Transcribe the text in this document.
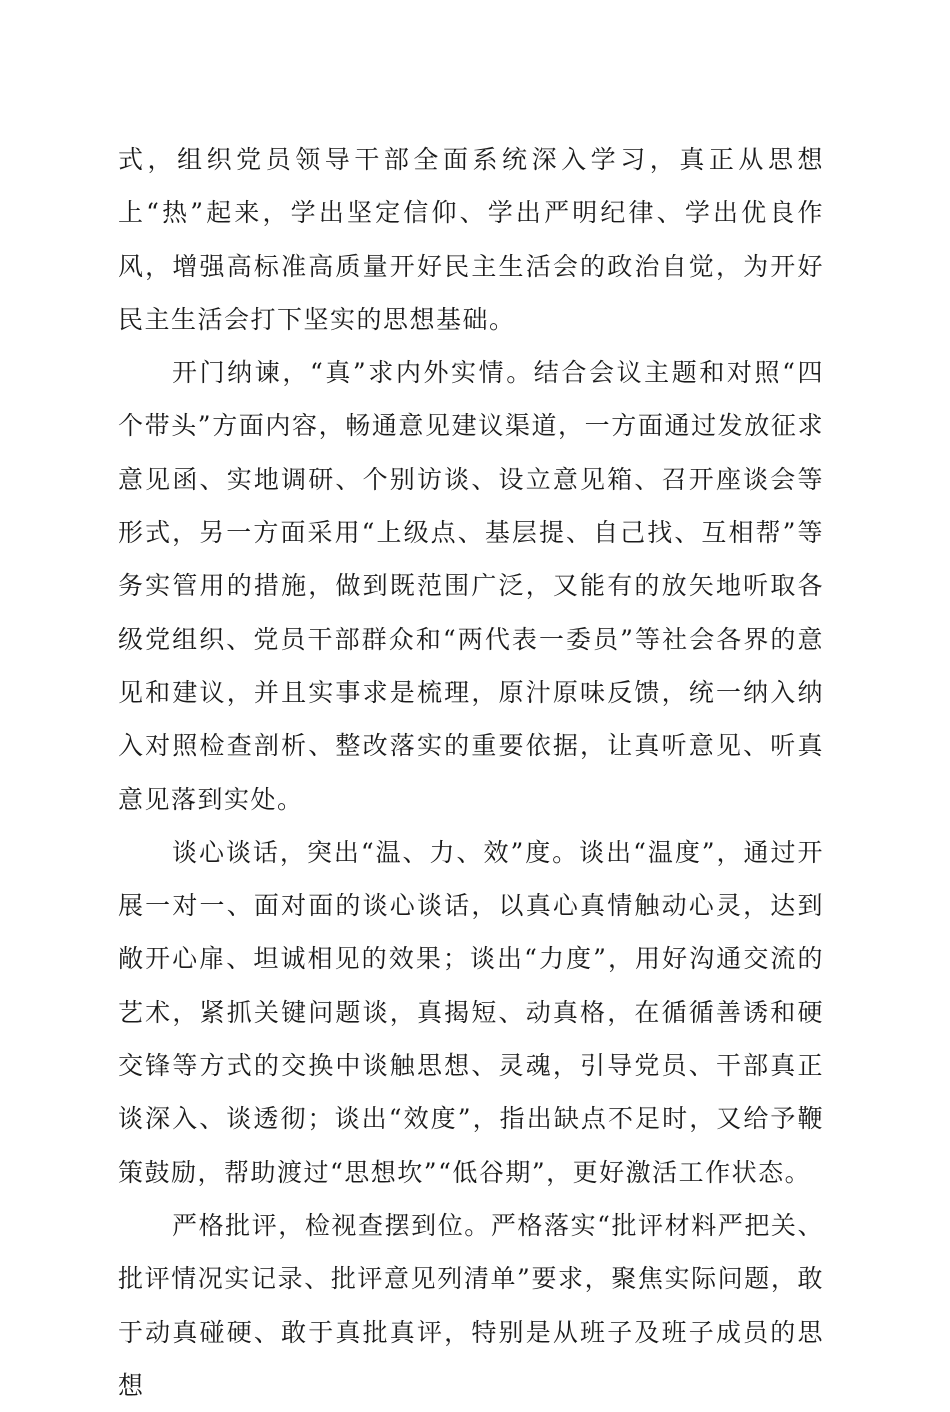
式，组织党员领导干部全面系统深入学习，真正从思想上“热”起来，学出坚定信仰、学出严明纪律、学出优良作风，增强高标准高质量开好民主生活会的政治自觉，为开好民主生活会打下坚实的思想基础。

开门纳谏，“真”求内外实情。结合会议主题和对照“四个带头”方面内容，畅通意见建议渠道，一方面通过发放征求意见函、实地调研、个别访谈、设立意见箱、召开座谈会等形式，另一方面采用“上级点、基层提、自己找、互相帮”等务实管用的措施，做到既范围广泛，又能有的放矢地听取各级党组织、党员干部群众和“两代表一委员”等社会各界的意见和建议，并且实事求是梳理，原汁原味反馈，统一纳入纳入对照检查剖析、整改落实的重要依据，让真听意见、听真意见落到实处。

谈心谈话，突出“温、力、效”度。谈出“温度”，通过开展一对一、面对面的谈心谈话，以真心真情触动心灵，达到敞开心扉、坦诚相见的效果；谈出“力度”，用好沟通交流的艺术，紧抓关键问题谈，真揭短、动真格，在循循善诱和硬交锋等方式的交换中谈触思想、灵魂，引导党员、干部真正谈深入、谈透彻；谈出“效度”，指出缺点不足时，又给予鞭策鼓励，帮助渡过“思想坎”“低谷期”，更好激活工作状态。

严格批评，检视查摆到位。严格落实“批评材料严把关、批评情况实记录、批评意见列清单”要求，聚焦实际问题，敢于动真碰硬、敢于真批真评，特别是从班子及班子成员的思想
